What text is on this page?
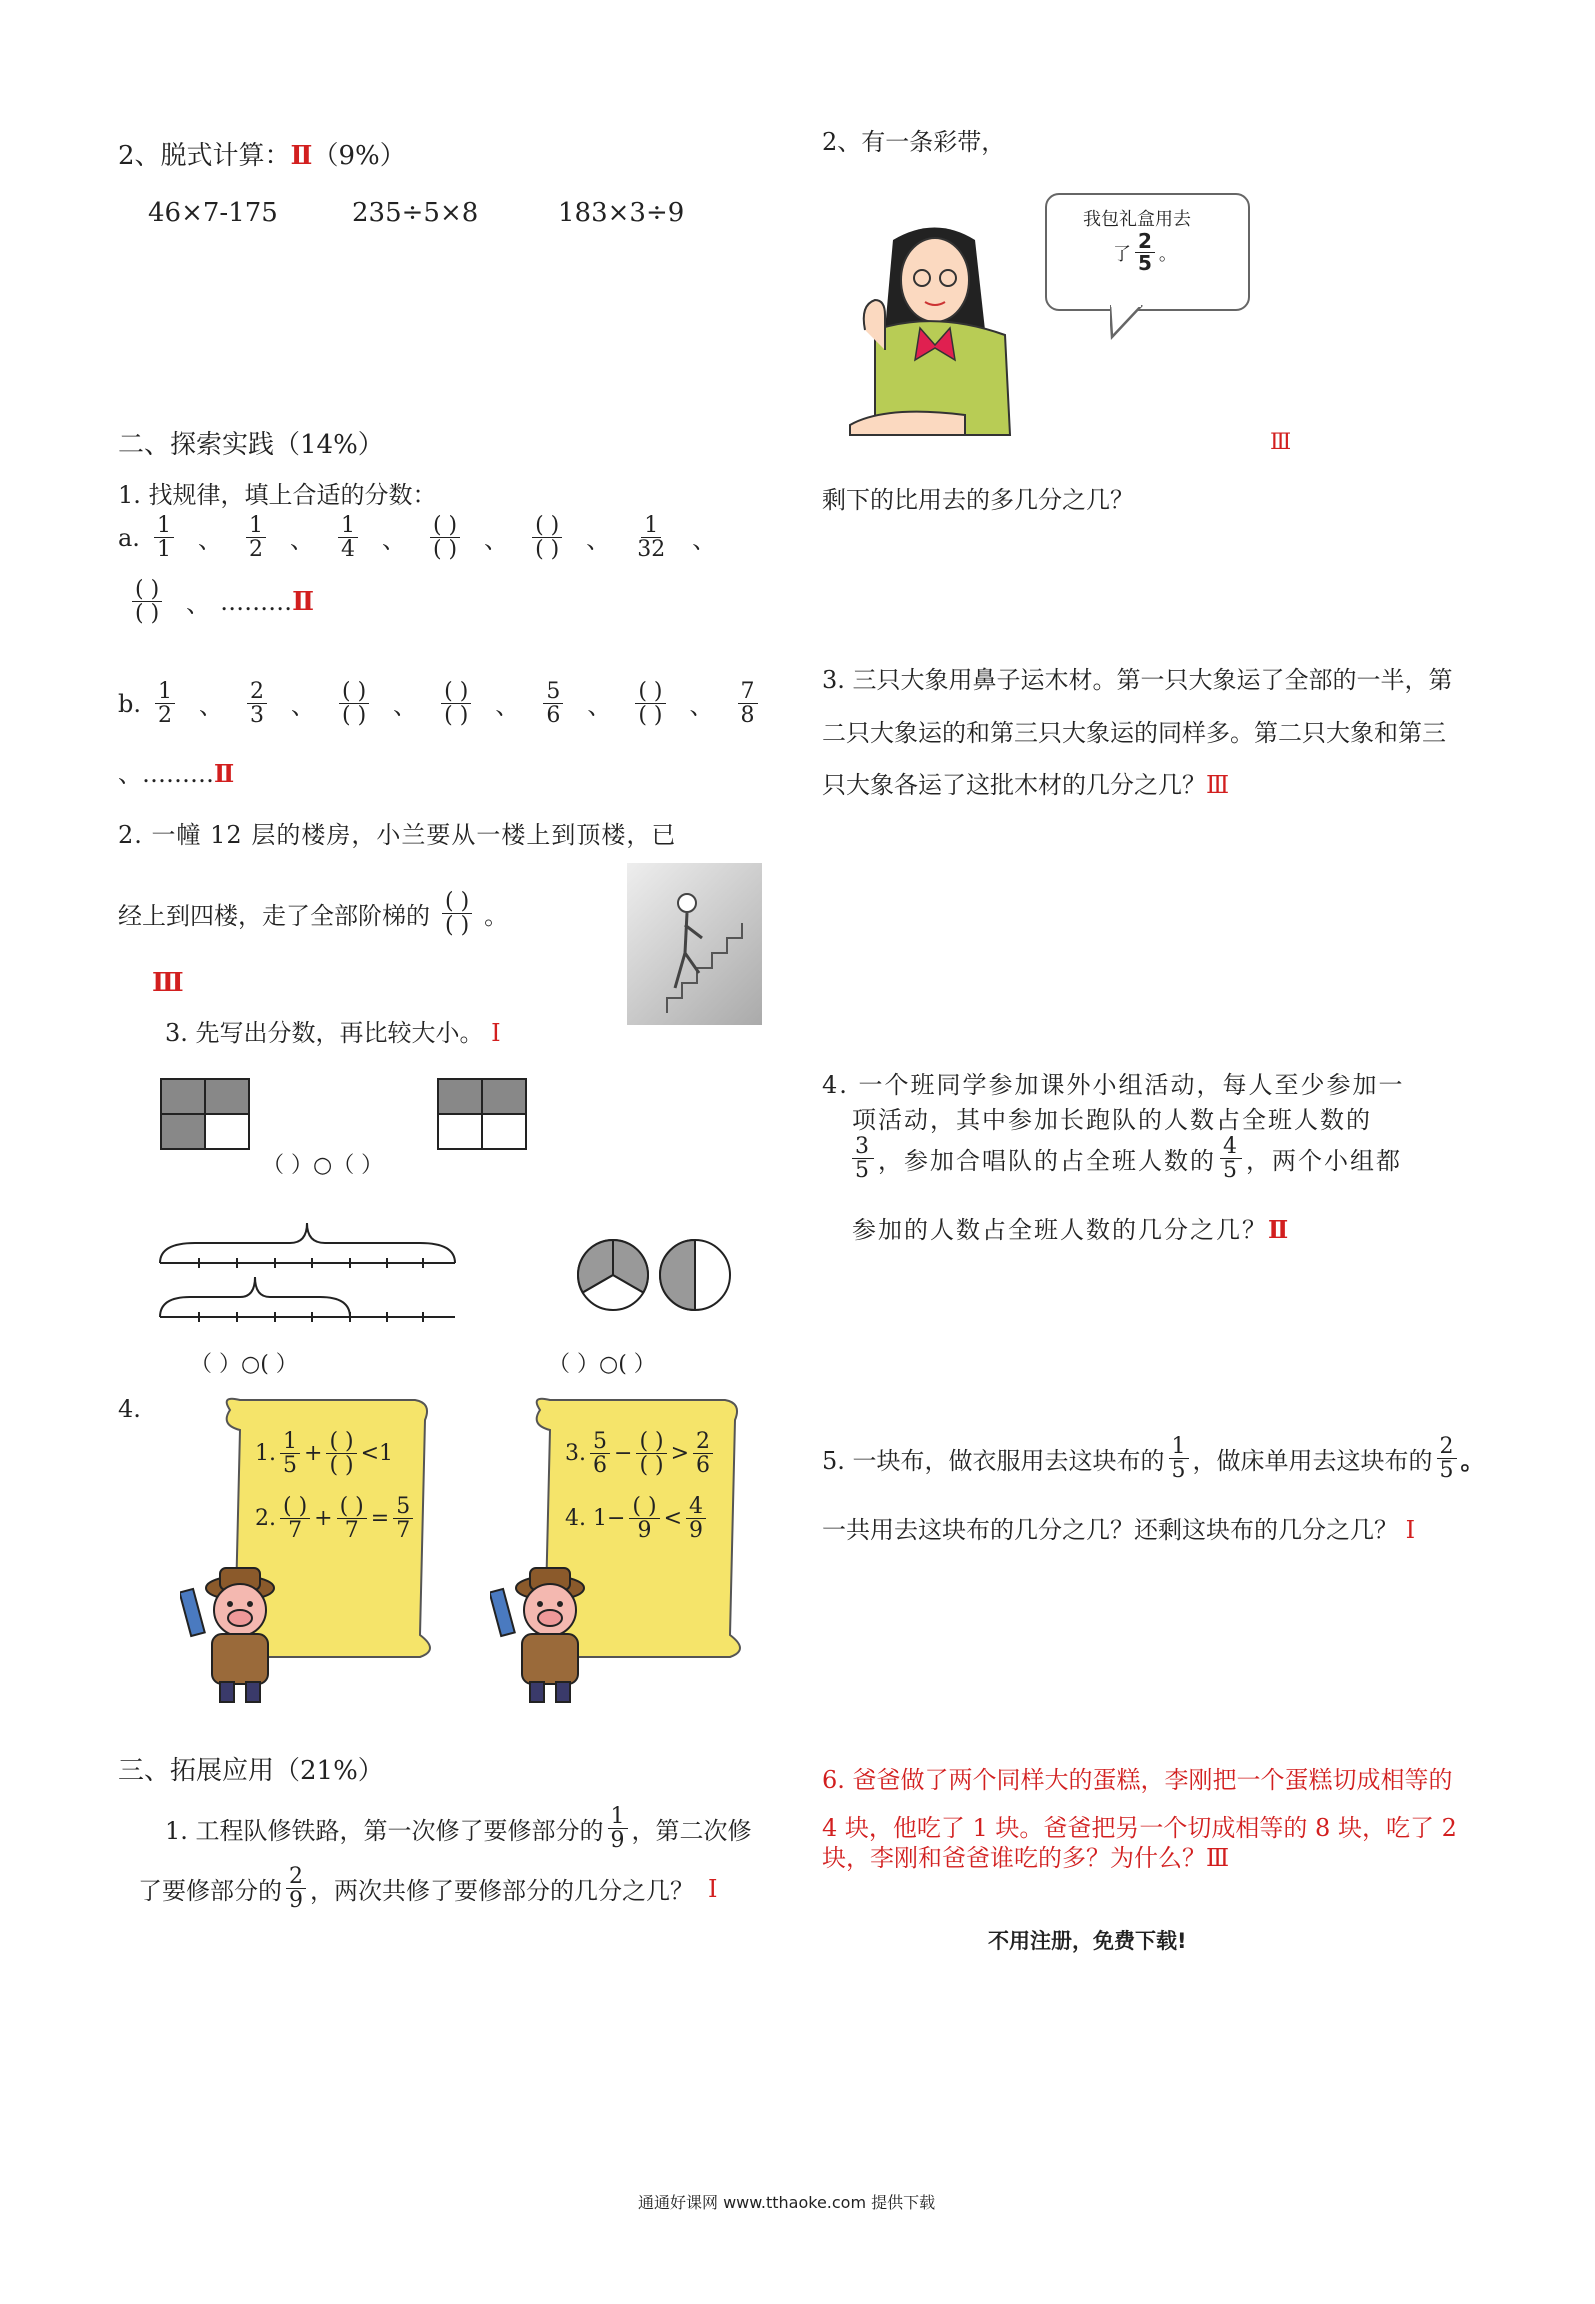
2、脱式计算：Ⅱ（9%）
46×7-175	235÷5×8	183×3÷9
二、探索实践（14%）
1. 找规律，填上合适的分数：
a. $\frac{1}{1}$ 、 $\frac{1}{2}$ 、 $\frac{1}{4}$ 、 $\frac{( )}{( )}$ 、 $\frac{( )}{( )}$ 、 $\frac{1}{32}$ 、
$\frac{( )}{( )}$ 、 ……… Ⅱ
b. $\frac{1}{2}$ 、 $\frac{2}{3}$ 、 $\frac{( )}{( )}$ 、 $\frac{( )}{( )}$ 、 $\frac{5}{6}$ 、 $\frac{( )}{( )}$ 、 $\frac{7}{8}$
、………Ⅱ
2. 一幢 12 层的楼房，小兰要从一楼上到顶楼，已
经上到四楼，走了全部阶梯的 $\frac{( )}{( )}$ 。
Ⅲ
3. 先写出分数，再比较大小。 Ⅰ
（ ）○（ ）
（ ）○( ）	（ ）○( ）
4.
1. $\frac{1}{5} + \frac{( )}{( )} <1$
2. $\frac{( )}{7} + \frac{( )}{7} = \frac{5}{7}$
3. $\frac{5}{6} - \frac{( )}{( )} > \frac{2}{6}$
4. $1- \frac{( )}{9} < \frac{4}{9}$
三、拓展应用（21%）
1. 工程队修铁路，第一次修了要修部分的 $\frac{1}{9}$ ，第二次修
了要修部分的 $\frac{2}{9}$ ，两次共修了要修部分的几分之几？ Ⅰ
2、有一条彩带，
我包礼盒用去
了 $\frac{2}{5}$ 。
Ⅲ
剩下的比用去的多几分之几？
3. 三只大象用鼻子运木材。第一只大象运了全部的一半，第
二只大象运的和第三只大象运的同样多。第二只大象和第三
只大象各运了这批木材的几分之几？Ⅲ
4. 一个班同学参加课外小组活动，每人至少参加一
项活动，其中参加长跑队的人数占全班人数的
$\frac{3}{5}$ ，参加合唱队的占全班人数的 $\frac{4}{5}$ ，两个小组都
参加的人数占全班人数的几分之几？Ⅱ
5. 一块布，做衣服用去这块布的 $\frac{1}{5}$ ，做床单用去这块布的 $\frac{2}{5}$ 。
一共用去这块布的几分之几？还剩这块布的几分之几？ Ⅰ
6. 爸爸做了两个同样大的蛋糕，李刚把一个蛋糕切成相等的
4 块，他吃了 1 块。爸爸把另一个切成相等的 8 块，吃了 2
块，李刚和爸爸谁吃的多？为什么？Ⅲ
不用注册，免费下载!
通通好课网 www.tthaoke.com 提供下载
